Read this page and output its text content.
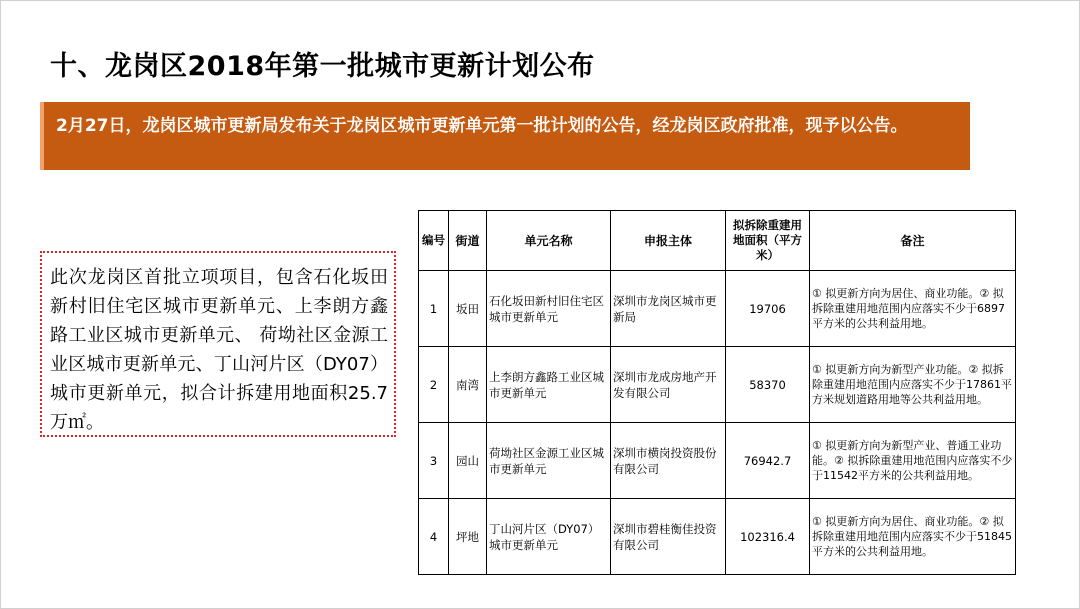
十、龙岗区2018年第一批城市更新计划公布
2月27日，龙岗区城市更新局发布关于龙岗区城市更新单元第一批计划的公告，经龙岗区政府批准，现予以公告。
此次龙岗区首批立项项目，包含石化坂田新村旧住宅区城市更新单元、上李朗方鑫路工业区城市更新单元、 荷坳社区金源工业区城市更新单元、丁山河片区（DY07）城市更新单元，拟合计拆建用地面积25.7万㎡。
编号	街道	单元名称	申报主体	拟拆除重建用地面积（平方米）	备注
1	坂田	石化坂田新村旧住宅区城市更新单元	深圳市龙岗区城市更新局	19706	① 拟更新方向为居住、商业功能。② 拟拆除重建用地范围内应落实不少于6897平方米的公共利益用地。
2	南湾	上李朗方鑫路工业区城市更新单元	深圳市龙成房地产开发有限公司	58370	① 拟更新方向为新型产业功能。② 拟拆除重建用地范围内应落实不少于17861平方米规划道路用地等公共利益用地。
3	园山	荷坳社区金源工业区城市更新单元	深圳市横岗投资股份有限公司	76942.7	① 拟更新方向为新型产业、普通工业功能。② 拟拆除重建用地范围内应落实不少于11542平方米的公共利益用地。
4	坪地	丁山河片区（DY07）城市更新单元	深圳市碧桂衡佳投资有限公司	102316.4	① 拟更新方向为居住、商业功能。② 拟拆除重建用地范围内应落实不少于51845平方米的公共利益用地。
